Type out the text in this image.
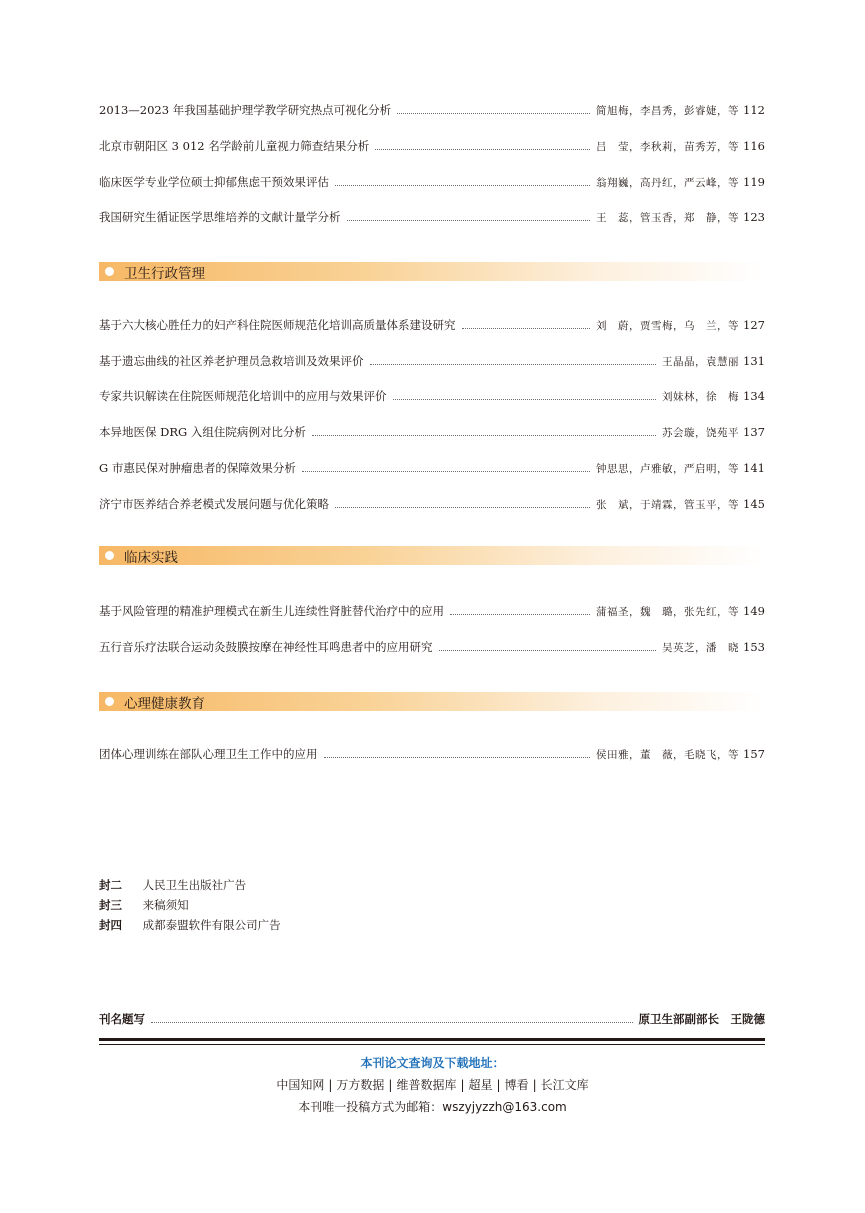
2013—2023 年我国基础护理学教学研究热点可视化分析	简旭梅，李昌秀，彭睿婕，等 112
北京市朝阳区 3 012 名学龄前儿童视力筛查结果分析	吕　莹，李秋莉，苗秀芳，等 116
临床医学专业学位硕士抑郁焦虑干预效果评估	翁翔巍，高丹红，严云峰，等 119
我国研究生循证医学思维培养的文献计量学分析	王　蕊，管玉香，郑　静，等 123
卫生行政管理
基于六大核心胜任力的妇产科住院医师规范化培训高质量体系建设研究	刘　蔚，贾雪梅，乌　兰，等 127
基于遗忘曲线的社区养老护理员急救培训及效果评价	王晶晶，袁慧丽 131
专家共识解读在住院医师规范化培训中的应用与效果评价	刘妹林，徐　梅 134
本异地医保 DRG 入组住院病例对比分析	苏会璇，饶苑平 137
G 市惠民保对肿瘤患者的保障效果分析	钟思思，卢雅敏，严启明，等 141
济宁市医养结合养老模式发展问题与优化策略	张　斌，于靖霖，管玉平，等 145
临床实践
基于风险管理的精准护理模式在新生儿连续性肾脏替代治疗中的应用	蒲福圣，魏　璐，张先红，等 149
五行音乐疗法联合运动灸鼓膜按摩在神经性耳鸣患者中的应用研究	吴英芝，潘　晓 153
心理健康教育
团体心理训练在部队心理卫生工作中的应用	侯田雅，董　薇，毛晓飞，等 157
封二 人民卫生出版社广告
封三 来稿须知
封四 成都泰盟软件有限公司广告
刊名题写	原卫生部副部长　王陇德
本刊论文查询及下载地址：
中国知网 | 万方数据 | 维普数据库 | 超星 | 博看 | 长江文库
本刊唯一投稿方式为邮箱：wszyjyzzh@163.com
